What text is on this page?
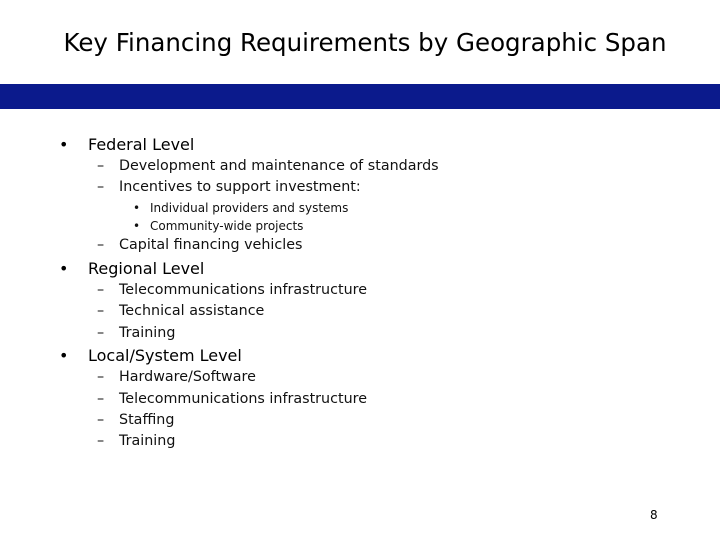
Key Financing Requirements by Geographic Span
• Federal Level
– Development and maintenance of standards
– Incentives to support investment:
• Individual providers and systems
• Community-wide projects
– Capital financing vehicles
• Regional Level
– Telecommunications infrastructure
– Technical assistance
– Training
• Local/System Level
– Hardware/Software
– Telecommunications infrastructure
– Staffing
– Training
8
